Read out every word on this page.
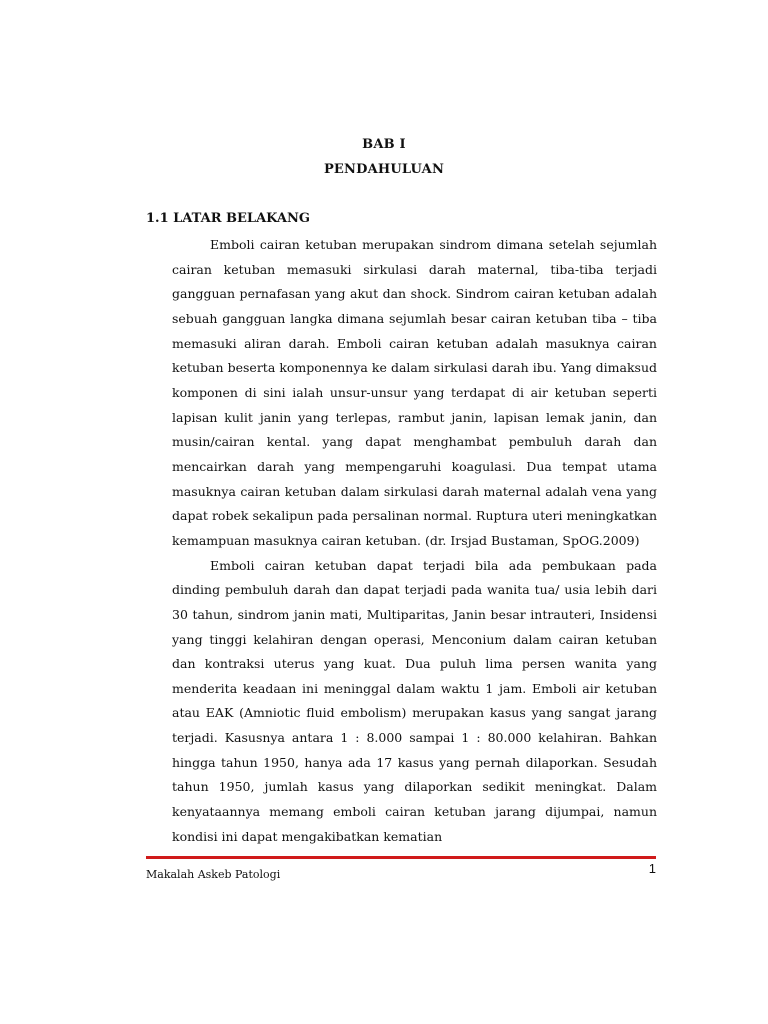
BAB I
PENDAHULUAN
1.1 LATAR BELAKANG

Emboli cairan ketuban merupakan sindrom dimana setelah sejumlah cairan ketuban memasuki sirkulasi darah maternal, tiba-tiba terjadi gangguan pernafasan yang akut dan shock. Sindrom cairan ketuban adalah sebuah gangguan langka dimana sejumlah besar cairan ketuban tiba – tiba memasuki aliran darah. Emboli cairan ketuban adalah masuknya cairan ketuban beserta komponennya ke dalam sirkulasi darah ibu. Yang dimaksud komponen di sini ialah unsur-unsur yang terdapat di air ketuban seperti lapisan kulit janin yang terlepas, rambut janin, lapisan lemak janin, dan musin/cairan kental. yang dapat menghambat pembuluh darah dan mencairkan darah yang mempengaruhi koagulasi. Dua tempat utama masuknya cairan ketuban dalam sirkulasi darah maternal adalah vena yang dapat robek sekalipun pada persalinan normal. Ruptura uteri meningkatkan kemampuan masuknya cairan ketuban. (dr. Irsjad Bustaman, SpOG.2009)

Emboli cairan ketuban dapat terjadi bila ada pembukaan pada dinding pembuluh darah dan dapat terjadi pada wanita tua/ usia lebih dari 30 tahun, sindrom janin mati, Multiparitas, Janin besar intrauteri, Insidensi yang tinggi kelahiran dengan operasi, Menconium dalam cairan ketuban dan kontraksi uterus yang kuat. Dua puluh lima persen wanita yang menderita keadaan ini meninggal dalam waktu 1 jam. Emboli air ketuban atau EAK (Amniotic fluid embolism) merupakan kasus yang sangat jarang terjadi. Kasusnya antara 1 : 8.000 sampai 1 : 80.000 kelahiran. Bahkan hingga tahun 1950, hanya ada 17 kasus yang pernah dilaporkan. Sesudah tahun 1950, jumlah kasus yang dilaporkan sedikit meningkat. Dalam kenyataannya memang emboli cairan ketuban jarang dijumpai, namun kondisi ini dapat mengakibatkan kematian

Makalah Askeb Patologi	1
